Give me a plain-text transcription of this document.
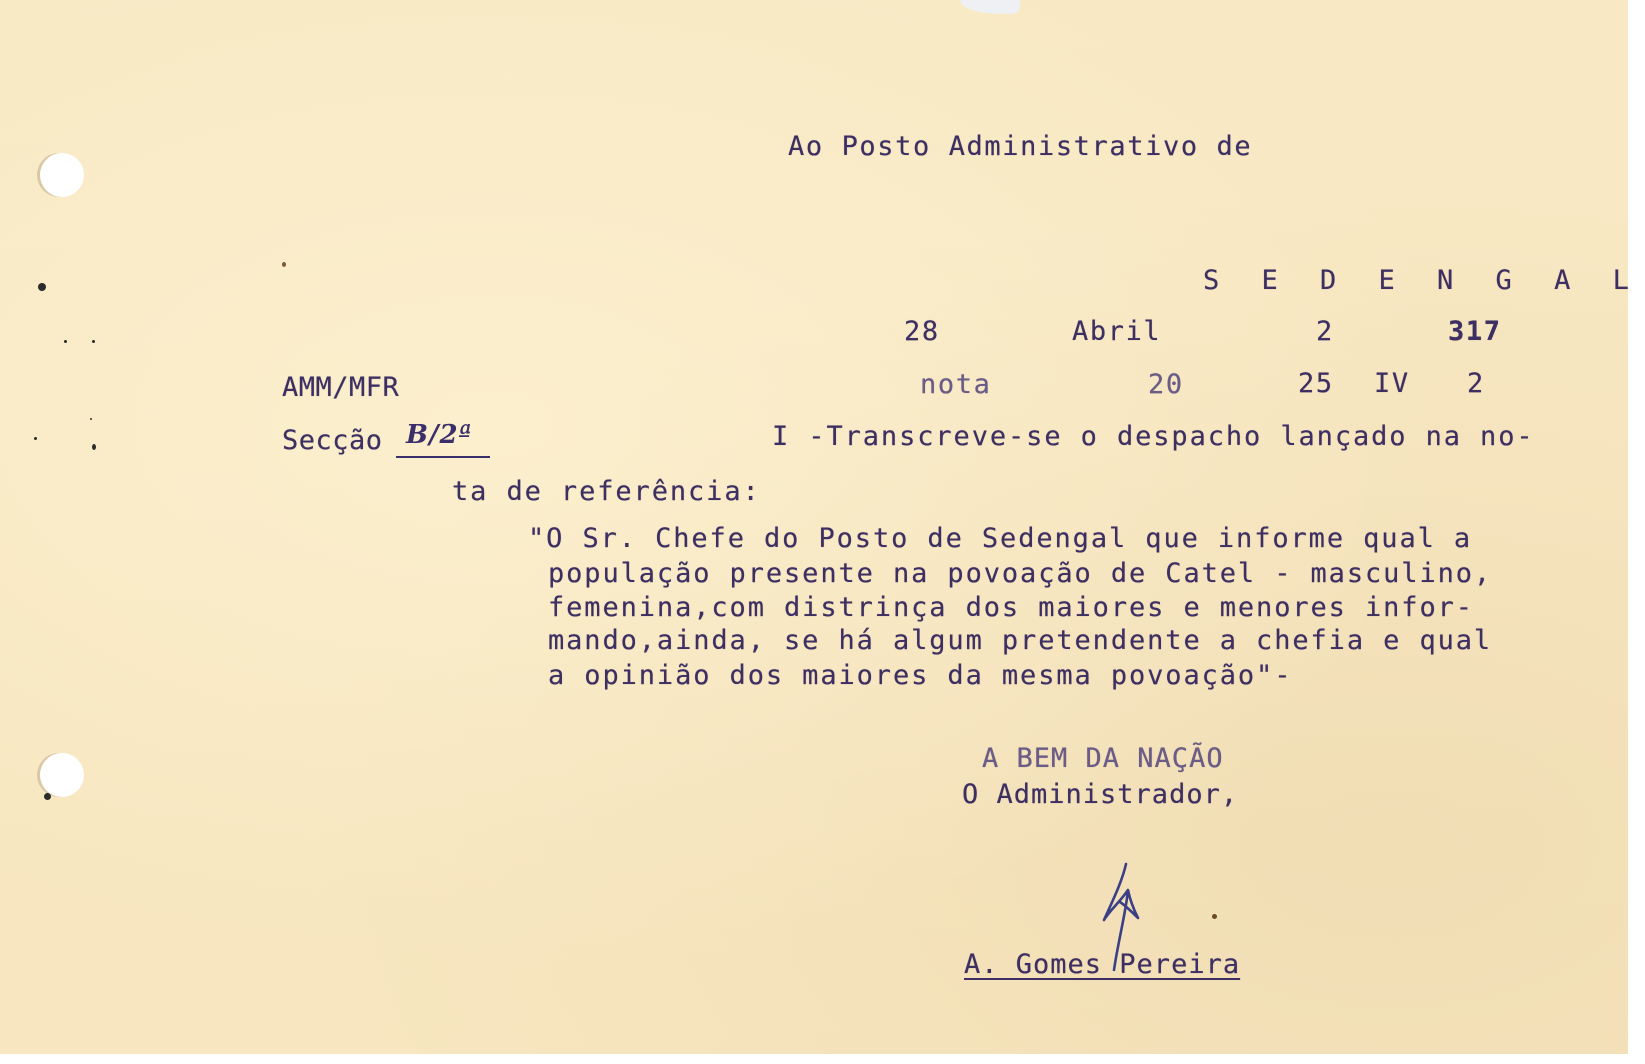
Ao Posto Administrativo de

S E D E N G A L

28	Abril	2	317

AMM/MFR	nota	20	25 IV 2

Secção B/2ª	I -Transcreve-se o despacho lançado na no-

ta de referência:

"O Sr. Chefe do Posto de Sedengal que informe qual a

população presente na povoação de Catel - masculino,

femenina,com distrinça dos maiores e menores infor-

mando,ainda, se há algum pretendente a chefia e qual

a opinião dos maiores da mesma povoação"-

A BEM DA NAÇÃO

O Administrador,

A. Gomes Pereira
